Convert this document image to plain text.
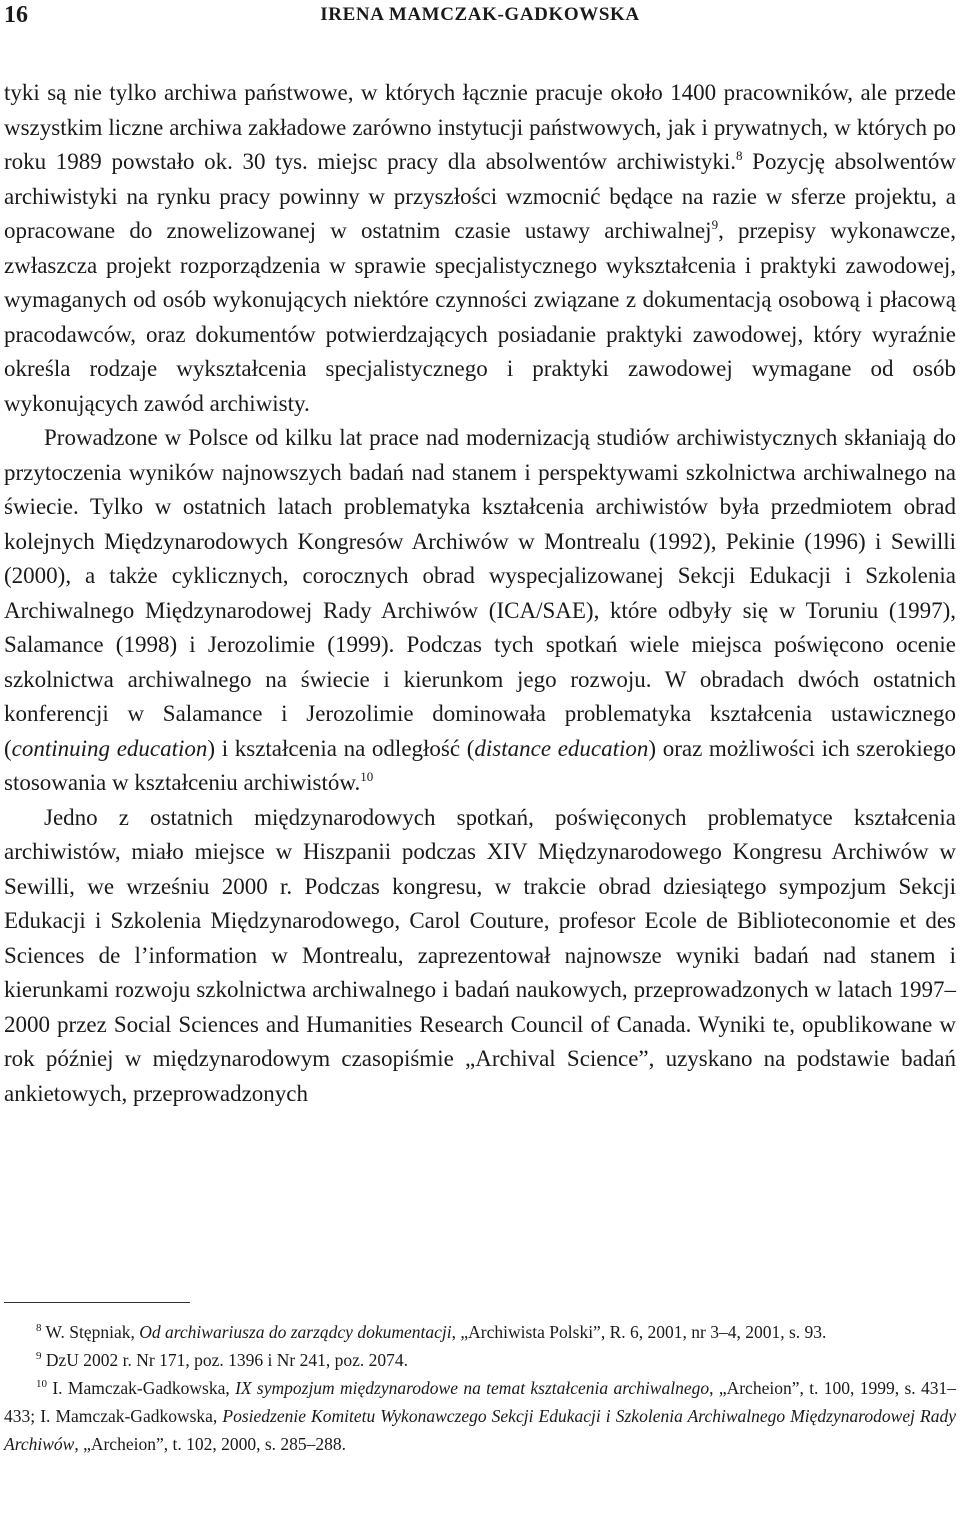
16	IRENA MAMCZAK-GADKOWSKA

tyki są nie tylko archiwa państwowe, w których łącznie pracuje około 1400 pracowników, ale przede wszystkim liczne archiwa zakładowe zarówno instytucji państwowych, jak i prywatnych, w których po roku 1989 powstało ok. 30 tys. miejsc pracy dla absolwentów archiwistyki.$^8$ Pozycję absolwentów archiwistyki na rynku pracy powinny w przyszłości wzmocnić będące na razie w sferze projektu, a opracowane do znowelizowanej w ostatnim czasie ustawy archiwalnej$^9$, przepisy wykonawcze, zwłaszcza projekt rozporządzenia w sprawie specjalistycznego wykształcenia i praktyki zawodowej, wymaganych od osób wykonujących niektóre czynności związane z dokumentacją osobową i płacową pracodawców, oraz dokumentów potwierdzających posiadanie praktyki zawodowej, który wyraźnie określa rodzaje wykształcenia specjalistycznego i praktyki zawodowej wymagane od osób wykonujących zawód archiwisty.

Prowadzone w Polsce od kilku lat prace nad modernizacją studiów archiwistycznych skłaniają do przytoczenia wyników najnowszych badań nad stanem i perspektywami szkolnictwa archiwalnego na świecie. Tylko w ostatnich latach problematyka kształcenia archiwistów była przedmiotem obrad kolejnych Międzynarodowych Kongresów Archiwów w Montrealu (1992), Pekinie (1996) i Sewilli (2000), a także cyklicznych, corocznych obrad wyspecjalizowanej Sekcji Edukacji i Szkolenia Archiwalnego Międzynarodowej Rady Archiwów (ICA/SAE), które odbyły się w Toruniu (1997), Salamance (1998) i Jerozolimie (1999). Podczas tych spotkań wiele miejsca poświęcono ocenie szkolnictwa archiwalnego na świecie i kierunkom jego rozwoju. W obradach dwóch ostatnich konferencji w Salamance i Jerozolimie dominowała problematyka kształcenia ustawicznego (continuing education) i kształcenia na odległość (distance education) oraz możliwości ich szerokiego stosowania w kształceniu archiwistów.$^{10}$

Jedno z ostatnich międzynarodowych spotkań, poświęconych problematyce kształcenia archiwistów, miało miejsce w Hiszpanii podczas XIV Międzynarodowego Kongresu Archiwów w Sewilli, we wrześniu 2000 r. Podczas kongresu, w trakcie obrad dziesiątego sympozjum Sekcji Edukacji i Szkolenia Międzynarodowego, Carol Couture, profesor Ecole de Biblioteconomie et des Sciences de l’information w Montrealu, zaprezentował najnowsze wyniki badań nad stanem i kierunkami rozwoju szkolnictwa archiwalnego i badań naukowych, przeprowadzonych w latach 1997–2000 przez Social Sciences and Humanities Research Council of Canada. Wyniki te, opublikowane w rok później w międzynarodowym czasopiśmie „Archival Science”, uzyskano na podstawie badań ankietowych, przeprowadzonych

$^8$ W. Stępniak, Od archiwariusza do zarządcy dokumentacji, „Archiwista Polski”, R. 6, 2001, nr 3–4, 2001, s. 93.

$^9$ DzU 2002 r. Nr 171, poz. 1396 i Nr 241, poz. 2074.

$^{10}$ I. Mamczak-Gadkowska, IX sympozjum międzynarodowe na temat kształcenia archiwalnego, „Archeion”, t. 100, 1999, s. 431–433; I. Mamczak-Gadkowska, Posiedzenie Komitetu Wykonawczego Sekcji Edukacji i Szkolenia Archiwalnego Międzynarodowej Rady Archiwów, „Archeion”, t. 102, 2000, s. 285–288.
